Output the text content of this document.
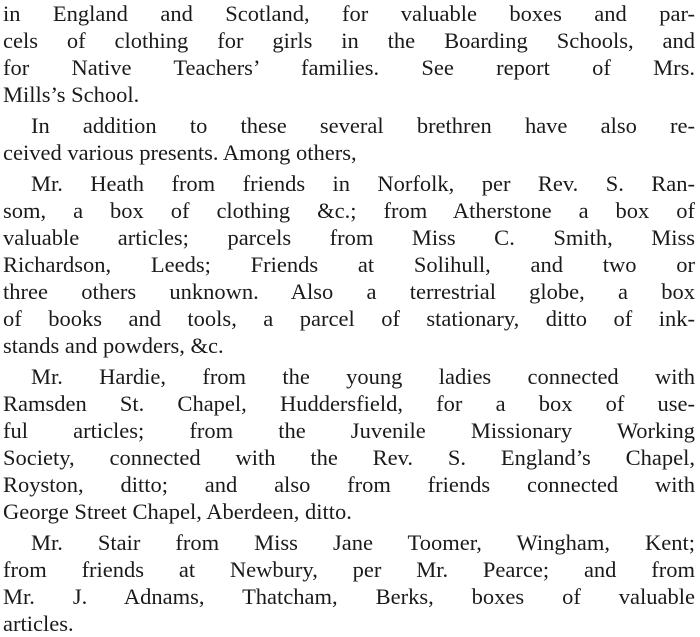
in England and Scotland, for valuable boxes and par-
cels of clothing for girls in the Boarding Schools, and
for Native Teachers’ families. See report of Mrs.
Mills’s School.
In addition to these several brethren have also re-
ceived various presents. Among others,
Mr. Heath from friends in Norfolk, per Rev. S. Ran-
som, a box of clothing &c.; from Atherstone a box of
valuable articles; parcels from Miss C. Smith, Miss
Richardson, Leeds; Friends at Solihull, and two or
three others unknown. Also a terrestrial globe, a box
of books and tools, a parcel of stationary, ditto of ink-
stands and powders, &c.
Mr. Hardie, from the young ladies connected with
Ramsden St. Chapel, Huddersfield, for a box of use-
ful articles; from the Juvenile Missionary Working
Society, connected with the Rev. S. England’s Chapel,
Royston, ditto; and also from friends connected with
George Street Chapel, Aberdeen, ditto.
Mr. Stair from Miss Jane Toomer, Wingham, Kent;
from friends at Newbury, per Mr. Pearce; and from
Mr. J. Adnams, Thatcham, Berks, boxes of valuable
articles.
